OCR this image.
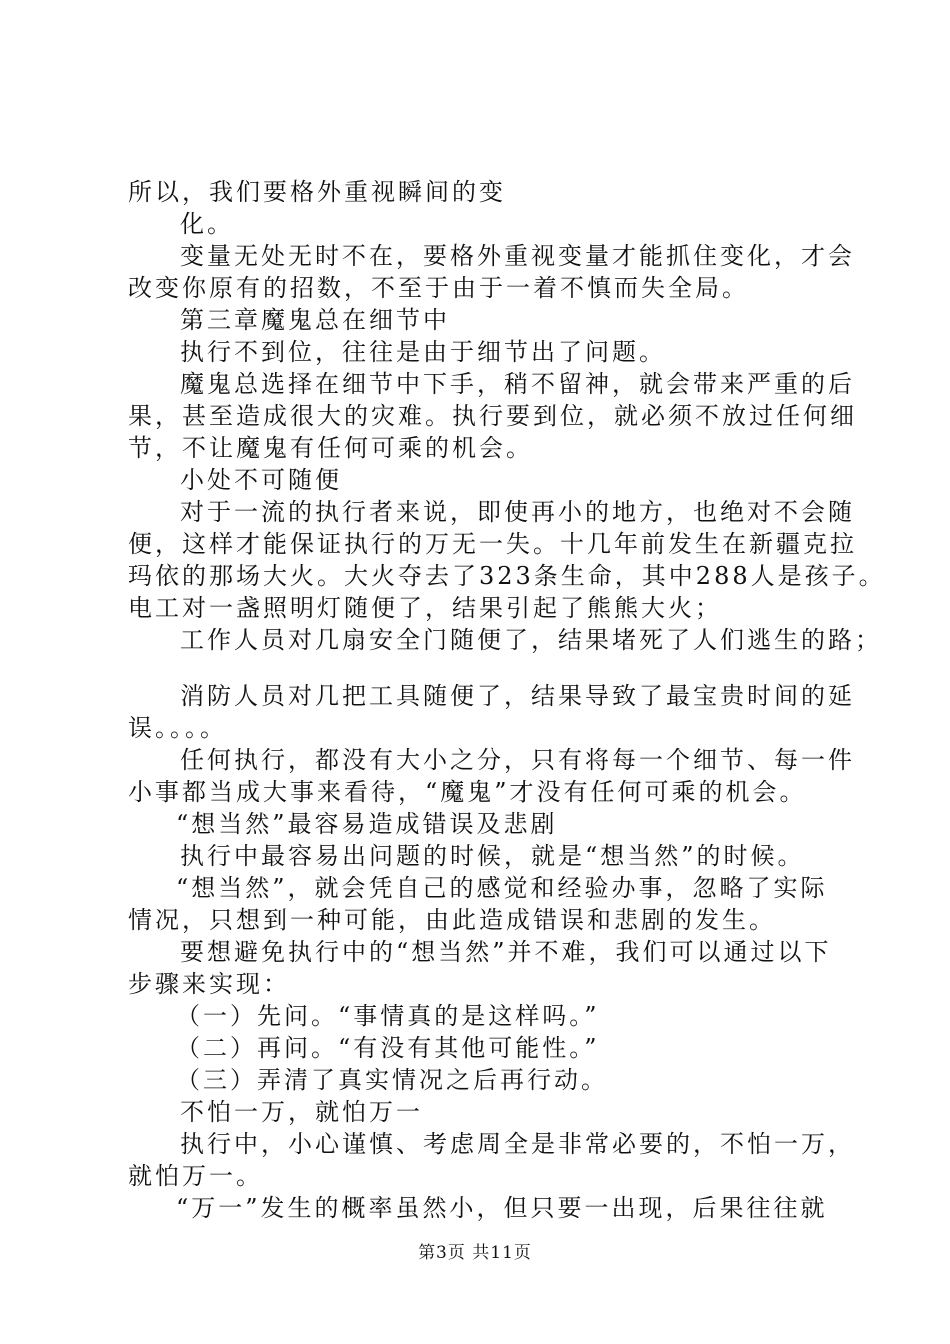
所以，我们要格外重视瞬间的变
化。
变量无处无时不在，要格外重视变量才能抓住变化，才会
改变你原有的招数，不至于由于一着不慎而失全局。
第三章魔鬼总在细节中
执行不到位，往往是由于细节出了问题。
魔鬼总选择在细节中下手，稍不留神，就会带来严重的后
果，甚至造成很大的灾难。执行要到位，就必须不放过任何细
节，不让魔鬼有任何可乘的机会。
小处不可随便
对于一流的执行者来说，即使再小的地方，也绝对不会随
便，这样才能保证执行的万无一失。十几年前发生在新疆克拉
玛依的那场大火。大火夺去了323条生命，其中288人是孩子。
电工对一盏照明灯随便了，结果引起了熊熊大火；
工作人员对几扇安全门随便了，结果堵死了人们逃生的路；
消防人员对几把工具随便了，结果导致了最宝贵时间的延
误。。。。
任何执行，都没有大小之分，只有将每一个细节、每一件
小事都当成大事来看待，“魔鬼”才没有任何可乘的机会。
“想当然”最容易造成错误及悲剧
执行中最容易出问题的时候，就是“想当然”的时候。
“想当然”，就会凭自己的感觉和经验办事，忽略了实际
情况，只想到一种可能，由此造成错误和悲剧的发生。
要想避免执行中的“想当然”并不难，我们可以通过以下
步骤来实现：
（一）先问。“事情真的是这样吗。”
（二）再问。“有没有其他可能性。”
（三）弄清了真实情况之后再行动。
不怕一万，就怕万一
执行中，小心谨慎、考虑周全是非常必要的，不怕一万，
就怕万一。
“万一”发生的概率虽然小，但只要一出现，后果往往就
第3页 共11页
